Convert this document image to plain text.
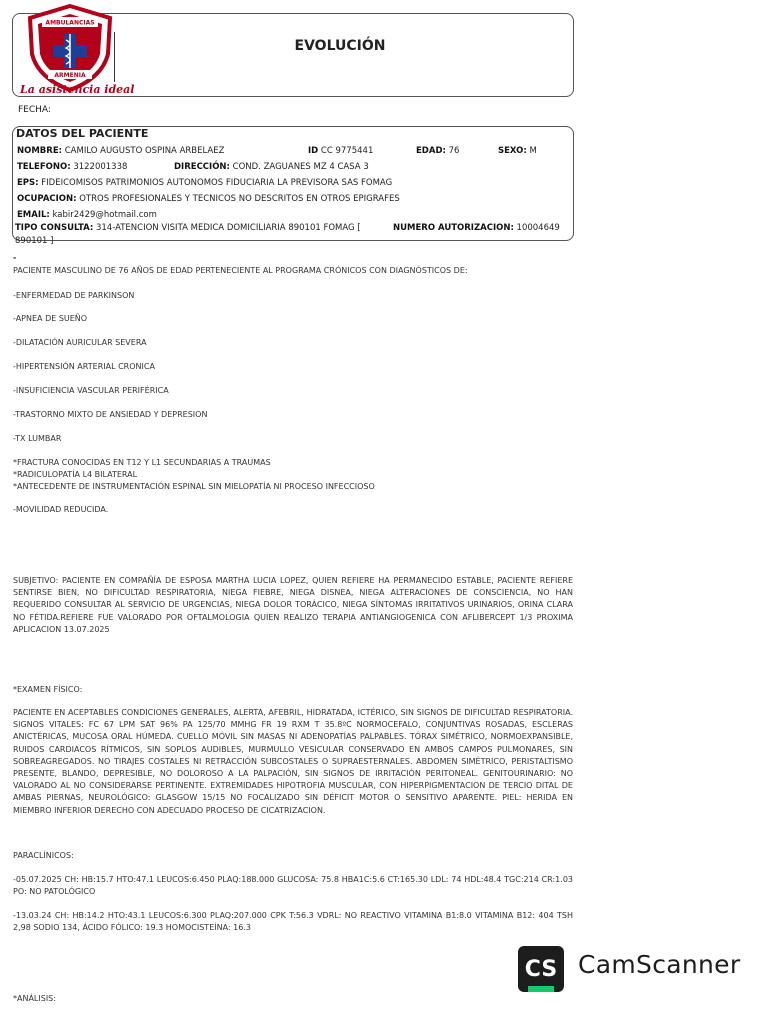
AMBULANCIAS
ARMENIA
La asistencia ideal
EVOLUCIÓN
FECHA:
DATOS DEL PACIENTE
NOMBRE: CAMILO AUGUSTO OSPINA ARBELAEZ	ID CC 9775441	EDAD: 76	SEXO: M
TELEFONO: 3122001338	DIRECCIÓN: COND. ZAGUANES MZ 4 CASA 3
EPS: FIDEICOMISOS PATRIMONIOS AUTONOMOS FIDUCIARIA LA PREVISORA SAS FOMAG
OCUPACION: OTROS PROFESIONALES Y TECNICOS NO DESCRITOS EN OTROS EPIGRAFES
EMAIL: kabir2429@hotmail.com
TIPO CONSULTA: 314-ATENCION VISITA MEDICA DOMICILIARIA 890101 FOMAG [
890101 ]
NUMERO AUTORIZACION: 10004649
-
PACIENTE MASCULINO DE 76 AÑOS DE EDAD PERTENECIENTE AL PROGRAMA CRÓNICOS CON DIAGNÓSTICOS DE:
-ENFERMEDAD DE PARKINSON
-APNEA DE SUEÑO
-DILATACIÓN AURICULAR SEVERA
-HIPERTENSIÓN ARTERIAL CRONICA
-INSUFICIENCIA VASCULAR PERIFÉRICA
-TRASTORNO MIXTO DE ANSIEDAD Y DEPRESION
-TX LUMBAR
*FRACTURA CONOCIDAS EN T12 Y L1 SECUNDARIAS A TRAUMAS
*RADICULOPATÍA L4 BILATERAL
*ANTECEDENTE DE INSTRUMENTACIÓN ESPINAL SIN MIELOPATÍA NI PROCESO INFECCIOSO
-MOVILIDAD REDUCIDA.
SUBJETIVO: PACIENTE EN COMPAÑÍA DE ESPOSA MARTHA LUCIA LOPEZ, QUIEN REFIERE HA PERMANECIDO ESTABLE, PACIENTE REFIERE SENTIRSE BIEN, NO DIFICULTAD RESPIRATORIA, NIEGA FIEBRE, NIEGA DISNEA, NIEGA ALTERACIONES DE CONSCIENCIA, NO HAN REQUERIDO CONSULTAR AL SERVICIO DE URGENCIAS, NIEGA DOLOR TORÁCICO, NIEGA SÍNTOMAS IRRITATIVOS URINARIOS, ORINA CLARA NO FÉTIDA.REFIERE FUE VALORADO POR OFTALMOLOGIA QUIEN REALIZO TERAPIA ANTIANGIOGENICA CON AFLIBERCEPT 1/3 PROXIMA APLICACION 13.07.2025
*EXAMEN FÍSICO:
PACIENTE EN ACEPTABLES CONDICIONES GENERALES, ALERTA, AFEBRIL, HIDRATADA, ICTÉRICO, SIN SIGNOS DE DIFICULTAD RESPIRATORIA. SIGNOS VITALES: FC 67 LPM SAT 96% PA 125/70 MMHG FR 19 RXM T 35.8ºC NORMOCEFALO, CONJUNTIVAS ROSADAS, ESCLERAS ANICTÉRICAS, MUCOSA ORAL HÚMEDA. CUELLO MÓVIL SIN MASAS NI ADENOPATÍAS PALPABLES. TÓRAX SIMÉTRICO, NORMOEXPANSIBLE, RUIDOS CARDIACOS RÍTMICOS, SIN SOPLOS AUDIBLES, MURMULLO VESICULAR CONSERVADO EN AMBOS CAMPOS PULMONARES, SIN SOBREAGREGADOS. NO TIRAJES COSTALES NI RETRACCIÓN SUBCOSTALES O SUPRAESTERNALES. ABDOMEN SIMÉTRICO, PERISTALTISMO PRESENTE, BLANDO, DEPRESIBLE, NO DOLOROSO A LA PALPACIÓN, SIN SIGNOS DE IRRITACIÓN PERITONEAL. GENITOURINARIO: NO VALORADO AL NO CONSIDERARSE PERTINENTE. EXTREMIDADES HIPOTROFIA MUSCULAR, CON HIPERPIGMENTACION DE TERCIO DITAL DE AMBAS PIERNAS, NEUROLÓGICO: GLASGOW 15/15 NO FOCALIZADO SIN DÉFICIT MOTOR O SENSITIVO APARENTE. PIEL: HERIDA EN MIEMBRO INFERIOR DERECHO CON ADECUADO PROCESO DE CICATRIZACION.
PARACLÍNICOS:
-05.07.2025 CH: HB:15.7 HTO:47.1 LEUCOS:6.450 PLAQ:188.000 GLUCOSA: 75.8 HBA1C:5.6 CT:165.30 LDL: 74 HDL:48.4 TGC:214 CR:1.03 PO: NO PATOLÓGICO
-13.03.24 CH: HB:14.2 HTO:43.1 LEUCOS:6.300 PLAQ:207.000 CPK T:56.3 VDRL: NO REACTIVO VITAMINA B1:8.0 VITAMINA B12: 404 TSH 2,98 SODIO 134, ÁCIDO FÓLICO: 19.3 HOMOCISTEÍNA: 16.3
*ANÁLISIS:
CS CamScanner
